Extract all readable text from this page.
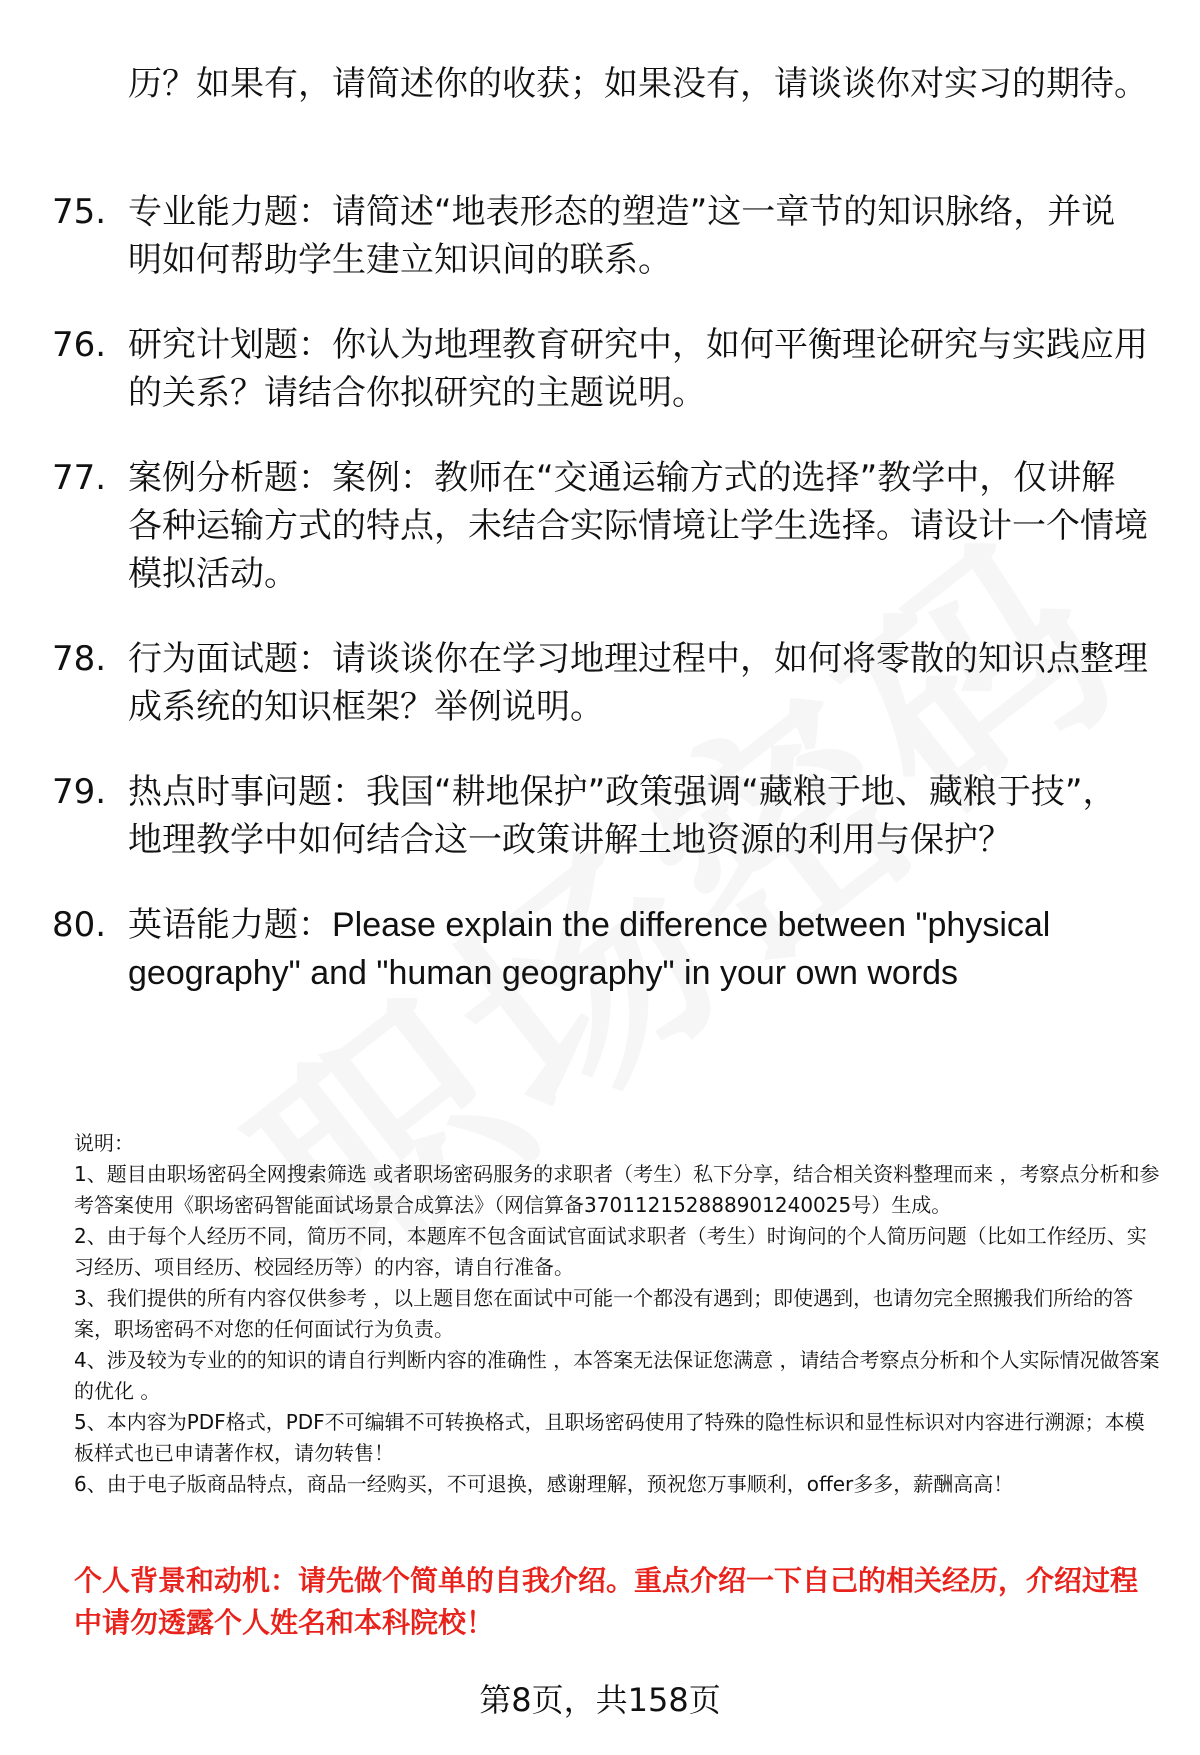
历？如果有，请简述你的收获；如果没有，请谈谈你对实习的期待。
75. 专业能力题：请简述“地表形态的塑造”这一章节的知识脉络，并说明如何帮助学生建立知识间的联系。
76. 研究计划题：你认为地理教育研究中，如何平衡理论研究与实践应用的关系？请结合你拟研究的主题说明。
77. 案例分析题：案例：教师在“交通运输方式的选择”教学中，仅讲解各种运输方式的特点，未结合实际情境让学生选择。请设计一个情境模拟活动。
78. 行为面试题：请谈谈你在学习地理过程中，如何将零散的知识点整理成系统的知识框架？举例说明。
79. 热点时事问题：我国“耕地保护”政策强调“藏粮于地、藏粮于技”，地理教学中如何结合这一政策讲解土地资源的利用与保护？
80. 英语能力题：Please explain the difference between "physical geography" and "human geography" in your own words

说明：

1、题目由职场密码全网搜索筛选 或者职场密码服务的求职者（考生）私下分享，结合相关资料整理而来 ，考察点分析和参考答案使用《职场密码智能面试场景合成算法》（网信算备370112152888901240025号）生成。

2、由于每个人经历不同，简历不同，本题库不包含面试官面试求职者（考生）时询问的个人简历问题（比如工作经历、实习经历、项目经历、校园经历等）的内容，请自行准备。

3、我们提供的所有内容仅供参考 ，以上题目您在面试中可能一个都没有遇到；即使遇到，也请勿完全照搬我们所给的答案，职场密码不对您的任何面试行为负责。

4、涉及较为专业的的知识的请自行判断内容的准确性 ，本答案无法保证您满意 ，请结合考察点分析和个人实际情况做答案的优化 。

5、本内容为PDF格式，PDF不可编辑不可转换格式，且职场密码使用了特殊的隐性标识和显性标识对内容进行溯源；本模板样式也已申请著作权，请勿转售！

6、由于电子版商品特点，商品一经购买，不可退换，感谢理解，预祝您万事顺利，offer多多，薪酬高高！

个人背景和动机：请先做个简单的自我介绍。重点介绍一下自己的相关经历，介绍过程中请勿透露个人姓名和本科院校！
第8页，共158页
